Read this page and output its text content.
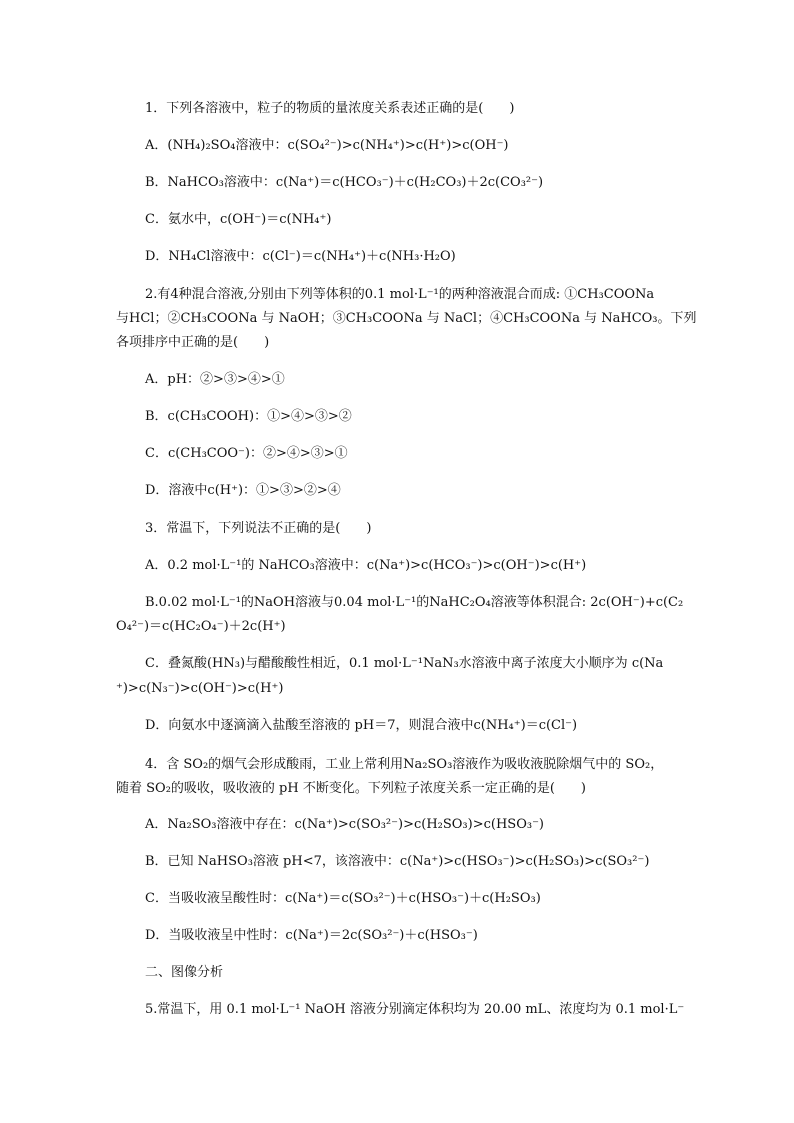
1．下列各溶液中，粒子的物质的量浓度关系表述正确的是(　　)
A．(NH₄)₂SO₄溶液中：c(SO₄²⁻)>c(NH₄⁺)>c(H⁺)>c(OH⁻)
B．NaHCO₃溶液中：c(Na⁺)＝c(HCO₃⁻)＋c(H₂CO₃)＋2c(CO₃²⁻)
C．氨水中，c(OH⁻)＝c(NH₄⁺)
D．NH₄Cl溶液中：c(Cl⁻)＝c(NH₄⁺)＋c(NH₃·H₂O)
2.有4种混合溶液,分别由下列等体积的0.1 mol·L⁻¹的两种溶液混合而成: ①CH₃COONa
与HCl；②CH₃COONa 与 NaOH；③CH₃COONa 与 NaCl；④CH₃COONa 与 NaHCO₃。下列
各项排序中正确的是(　　)
A．pH：②>③>④>①
B．c(CH₃COOH)：①>④>③>②
C．c(CH₃COO⁻)：②>④>③>①
D．溶液中c(H⁺)：①>③>②>④
3．常温下，下列说法不正确的是(　　)
A．0.2 mol·L⁻¹的 NaHCO₃溶液中：c(Na⁺)>c(HCO₃⁻)>c(OH⁻)>c(H⁺)
B.0.02 mol·L⁻¹的NaOH溶液与0.04 mol·L⁻¹的NaHC₂O₄溶液等体积混合: 2c(OH⁻)+c(C₂
O₄²⁻)＝c(HC₂O₄⁻)＋2c(H⁺)
C．叠氮酸(HN₃)与醋酸酸性相近，0.1 mol·L⁻¹NaN₃水溶液中离子浓度大小顺序为 c(Na
⁺)>c(N₃⁻)>c(OH⁻)>c(H⁺)
D．向氨水中逐滴滴入盐酸至溶液的 pH＝7，则混合液中c(NH₄⁺)＝c(Cl⁻)
4．含 SO₂的烟气会形成酸雨，工业上常利用Na₂SO₃溶液作为吸收液脱除烟气中的 SO₂，
随着 SO₂的吸收，吸收液的 pH 不断变化。下列粒子浓度关系一定正确的是(　　)
A．Na₂SO₃溶液中存在：c(Na⁺)>c(SO₃²⁻)>c(H₂SO₃)>c(HSO₃⁻)
B．已知 NaHSO₃溶液 pH<7，该溶液中：c(Na⁺)>c(HSO₃⁻)>c(H₂SO₃)>c(SO₃²⁻)
C．当吸收液呈酸性时：c(Na⁺)＝c(SO₃²⁻)＋c(HSO₃⁻)＋c(H₂SO₃)
D．当吸收液呈中性时：c(Na⁺)＝2c(SO₃²⁻)＋c(HSO₃⁻)
二、图像分析
5.常温下，用 0.1 mol·L⁻¹ NaOH 溶液分别滴定体积均为 20.00 mL、浓度均为 0.1 mol·L⁻
